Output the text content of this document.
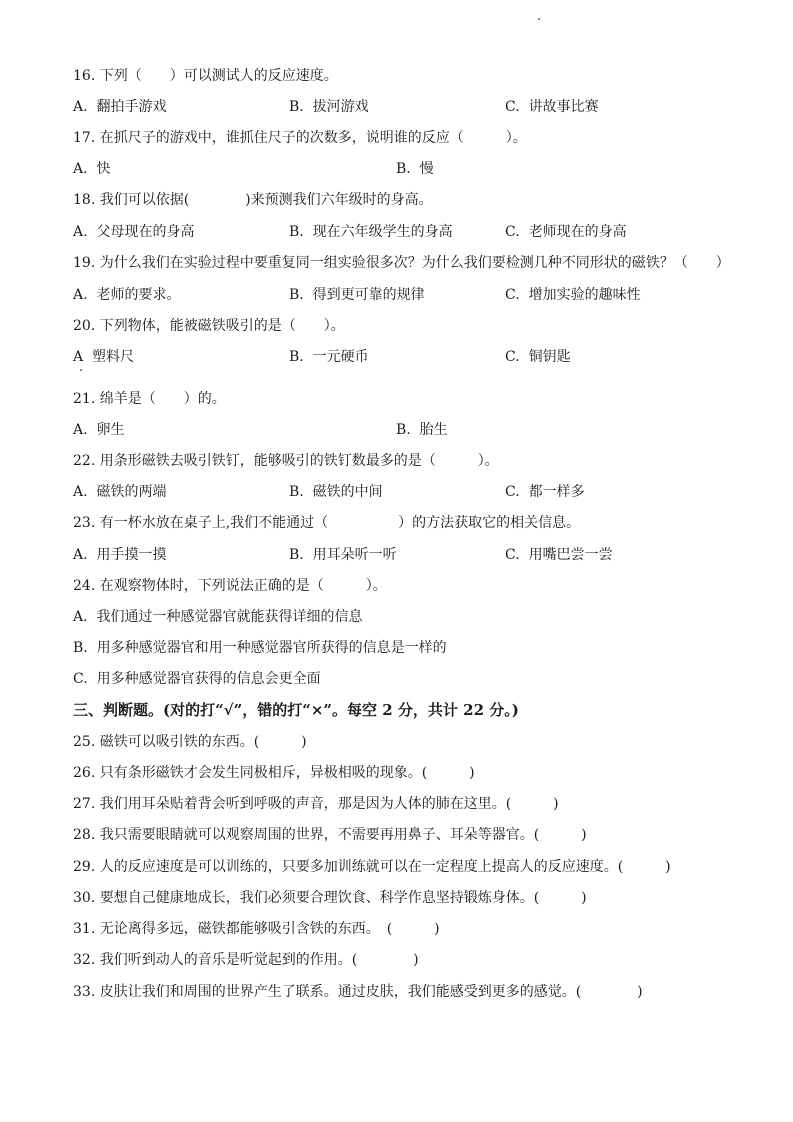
16. 下列（　　）可以测试人的反应速度。
A.  翻拍手游戏	B.  拔河游戏	C.  讲故事比赛
17. 在抓尺子的游戏中，谁抓住尺子的次数多，说明谁的反应（　　　）。
A.  快	B.  慢
18. 我们可以依据(　　　　)来预测我们六年级时的身高。
A.  父母现在的身高	B.  现在六年级学生的身高	C.  老师现在的身高
19. 为什么我们在实验过程中要重复同一组实验很多次？为什么我们要检测几种不同形状的磁铁？（　　）
A.  老师的要求。	B.  得到更可靠的规律	C.  增加实验的趣味性
20. 下列物体，能被磁铁吸引的是（　　）。
A  塑料尺	B.  一元硬币	C.  铜钥匙
21. 绵羊是（　　）的。
A.  卵生	B.  胎生
22. 用条形磁铁去吸引铁钉，能够吸引的铁钉数最多的是（　　　）。
A.  磁铁的两端	B.  磁铁的中间	C.  都一样多
23. 有一杯水放在桌子上,我们不能通过（　　　　　）的方法获取它的相关信息。
A.  用手摸一摸	B.  用耳朵听一听	C.  用嘴巴尝一尝
24. 在观察物体时，下列说法正确的是（　　　）。
A.  我们通过一种感觉器官就能获得详细的信息
B.  用多种感觉器官和用一种感觉器官所获得的信息是一样的
C.  用多种感觉器官获得的信息会更全面
三、判断题。(对的打“√”，错的打“×”。每空 2 分，共计 22 分。)
25. 磁铁可以吸引铁的东西。(　　　)
26. 只有条形磁铁才会发生同极相斥，异极相吸的现象。(　　　)
27. 我们用耳朵贴着背会听到呼吸的声音，那是因为人体的肺在这里。(　　　)
28. 我只需要眼睛就可以观察周围的世界，不需要再用鼻子、耳朵等器官。(　　　)
29. 人的反应速度是可以训练的，只要多加训练就可以在一定程度上提高人的反应速度。(　　　)
30. 要想自己健康地成长，我们必须要合理饮食、科学作息坚持锻炼身体。(　　　)
31. 无论离得多远，磁铁都能够吸引含铁的东西。　(　　　)
32. 我们听到动人的音乐是听觉起到的作用。(　　　　)
33. 皮肤让我们和周围的世界产生了联系。通过皮肤，我们能感受到更多的感觉。(　　　　)
